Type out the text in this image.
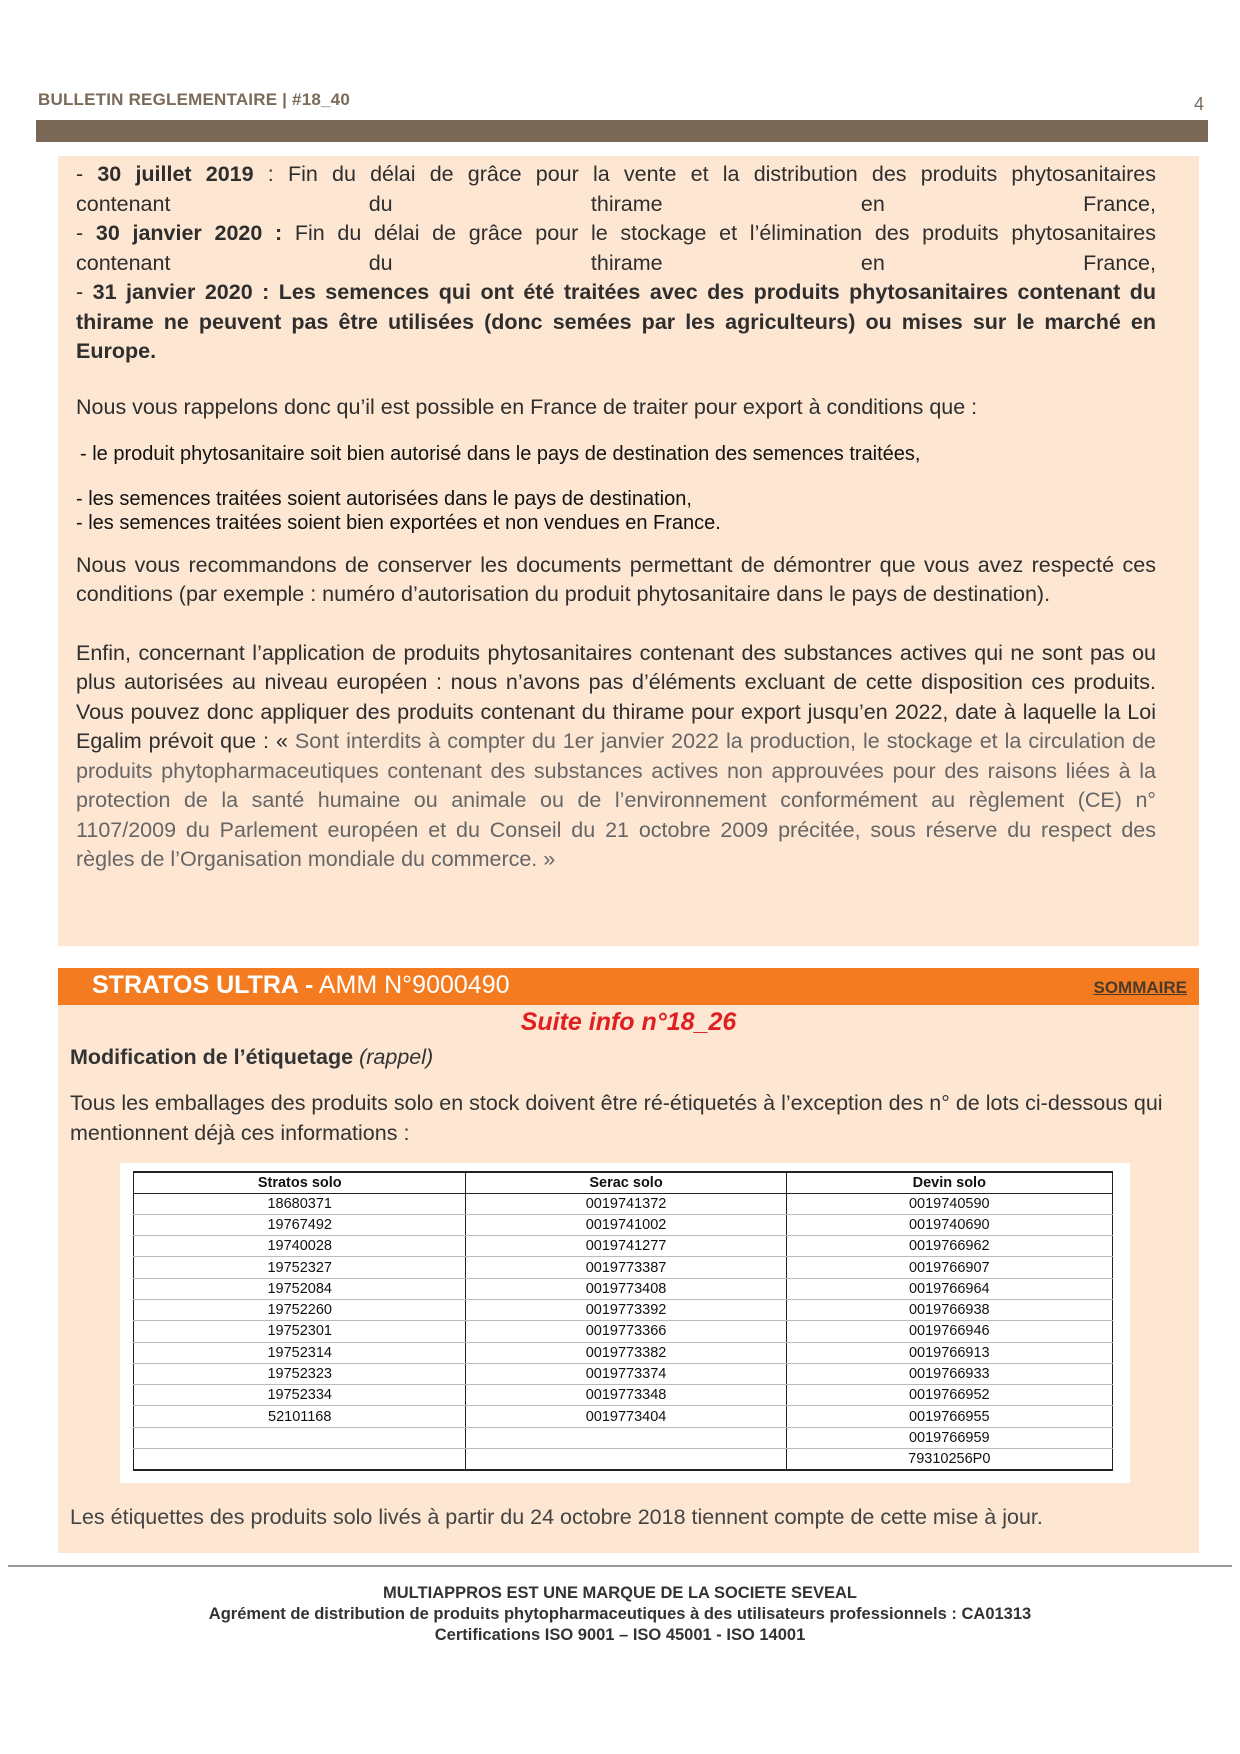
BULLETIN REGLEMENTAIRE | #18_40	4
- 30 juillet 2019 : Fin du délai de grâce pour la vente et la distribution des produits phytosanitaires
contenant du thirame en France,
- 30 janvier 2020 : Fin du délai de grâce pour le stockage et l’élimination des produits phytosanitaires
contenant du thirame en France,
- 31 janvier 2020 : Les semences qui ont été traitées avec des produits phytosanitaires contenant du thirame ne peuvent pas être utilisées (donc semées par les agriculteurs) ou mises sur le marché en Europe.
Nous vous rappelons donc qu’il est possible en France de traiter pour export à conditions que :
- le produit phytosanitaire soit bien autorisé dans le pays de destination des semences traitées,
- les semences traitées soient autorisées dans le pays de destination,
- les semences traitées soient bien exportées et non vendues en France.
Nous vous recommandons de conserver les documents permettant de démontrer que vous avez respecté ces conditions (par exemple : numéro d’autorisation du produit phytosanitaire dans le pays de destination).
Enfin, concernant l’application de produits phytosanitaires contenant des substances actives qui ne sont pas ou plus autorisées au niveau européen : nous n’avons pas d’éléments excluant de cette disposition ces produits. Vous pouvez donc appliquer des produits contenant du thirame pour export jusqu’en 2022, date à laquelle la Loi Egalim prévoit que : « Sont interdits à compter du 1er janvier 2022 la production, le stockage et la circulation de produits phytopharmaceutiques contenant des substances actives non approuvées pour des raisons liées à la protection de la santé humaine ou animale ou de l’environnement conformément au règlement (CE) n° 1107/2009 du Parlement européen et du Conseil du 21 octobre 2009 précitée, sous réserve du respect des règles de l’Organisation mondiale du commerce. »
STRATOS ULTRA - AMM N°9000490	SOMMAIRE
Suite info n°18_26
Modification de l’étiquetage (rappel)
Tous les emballages des produits solo en stock doivent être ré-étiquetés à l’exception des n° de lots ci-dessous qui mentionnent déjà ces informations :
Stratos solo	Serac solo	Devin solo
18680371	0019741372	0019740590
19767492	0019741002	0019740690
19740028	0019741277	0019766962
19752327	0019773387	0019766907
19752084	0019773408	0019766964
19752260	0019773392	0019766938
19752301	0019773366	0019766946
19752314	0019773382	0019766913
19752323	0019773374	0019766933
19752334	0019773348	0019766952
52101168	0019773404	0019766955
		0019766959
		79310256P0
Les étiquettes des produits solo livés à partir du 24 octobre 2018 tiennent compte de cette mise à jour.
MULTIAPPROS EST UNE MARQUE DE LA SOCIETE SEVEAL
Agrément de distribution de produits phytopharmaceutiques à des utilisateurs professionnels : CA01313
Certifications ISO 9001 – ISO 45001 - ISO 14001
